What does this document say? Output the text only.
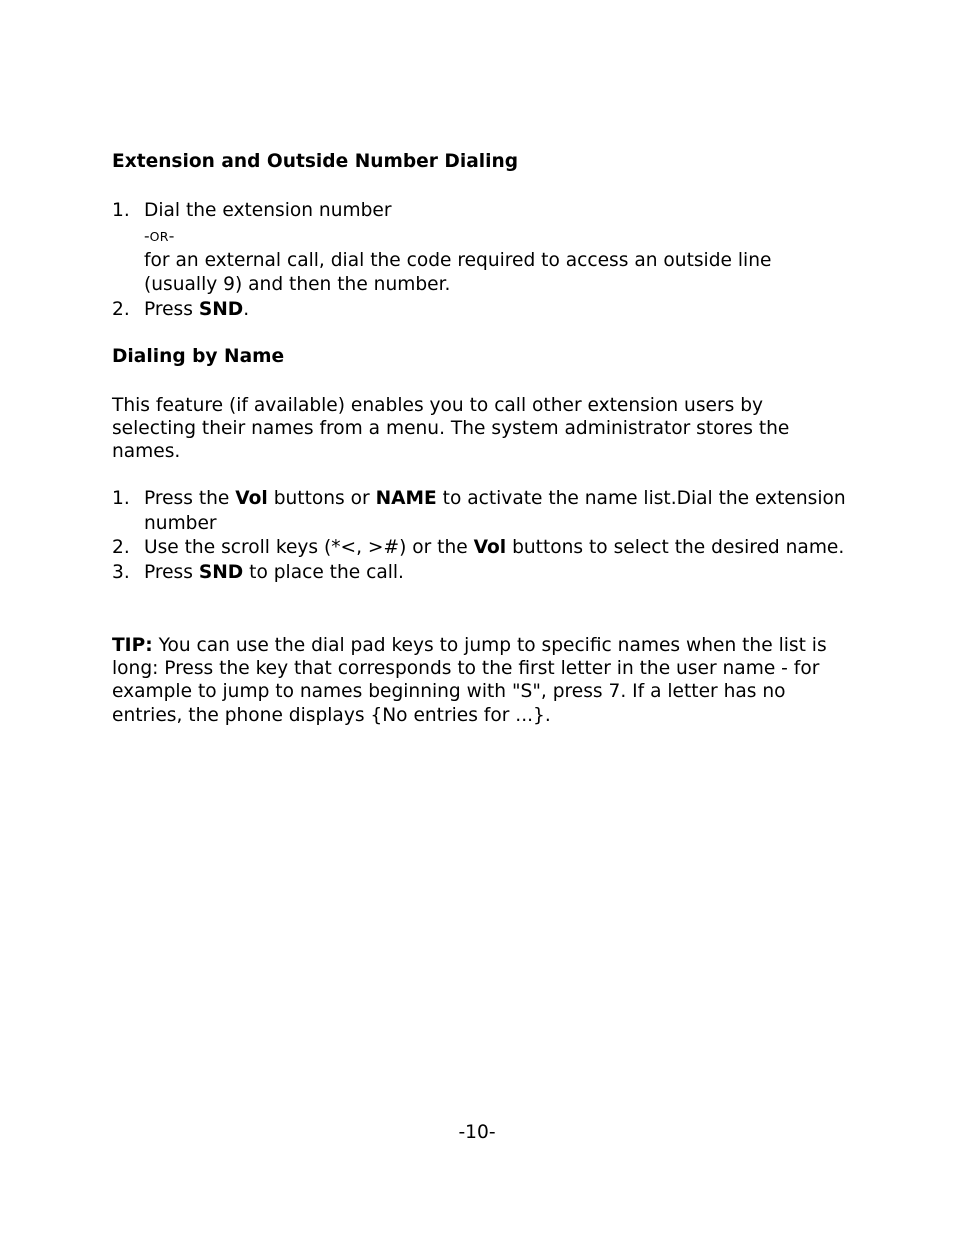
Extension and Outside Number Dialing
1. Dial the extension number
-OR-
for an external call, dial the code required to access an outside line (usually 9) and then the number.
2. Press SND.
Dialing by Name
This feature (if available) enables you to call other extension users by selecting their names from a menu. The system administrator stores the names.
1. Press the Vol buttons or NAME to activate the name list.Dial the extension number
2. Use the scroll keys (*<, >#) or the Vol buttons to select the desired name.
3. Press SND to place the call.
TIP: You can use the dial pad keys to jump to specific names when the list is long: Press the key that corresponds to the first letter in the user name - for example to jump to names beginning with "S", press 7. If a letter has no entries, the phone displays {No entries for ...}.
-10-
